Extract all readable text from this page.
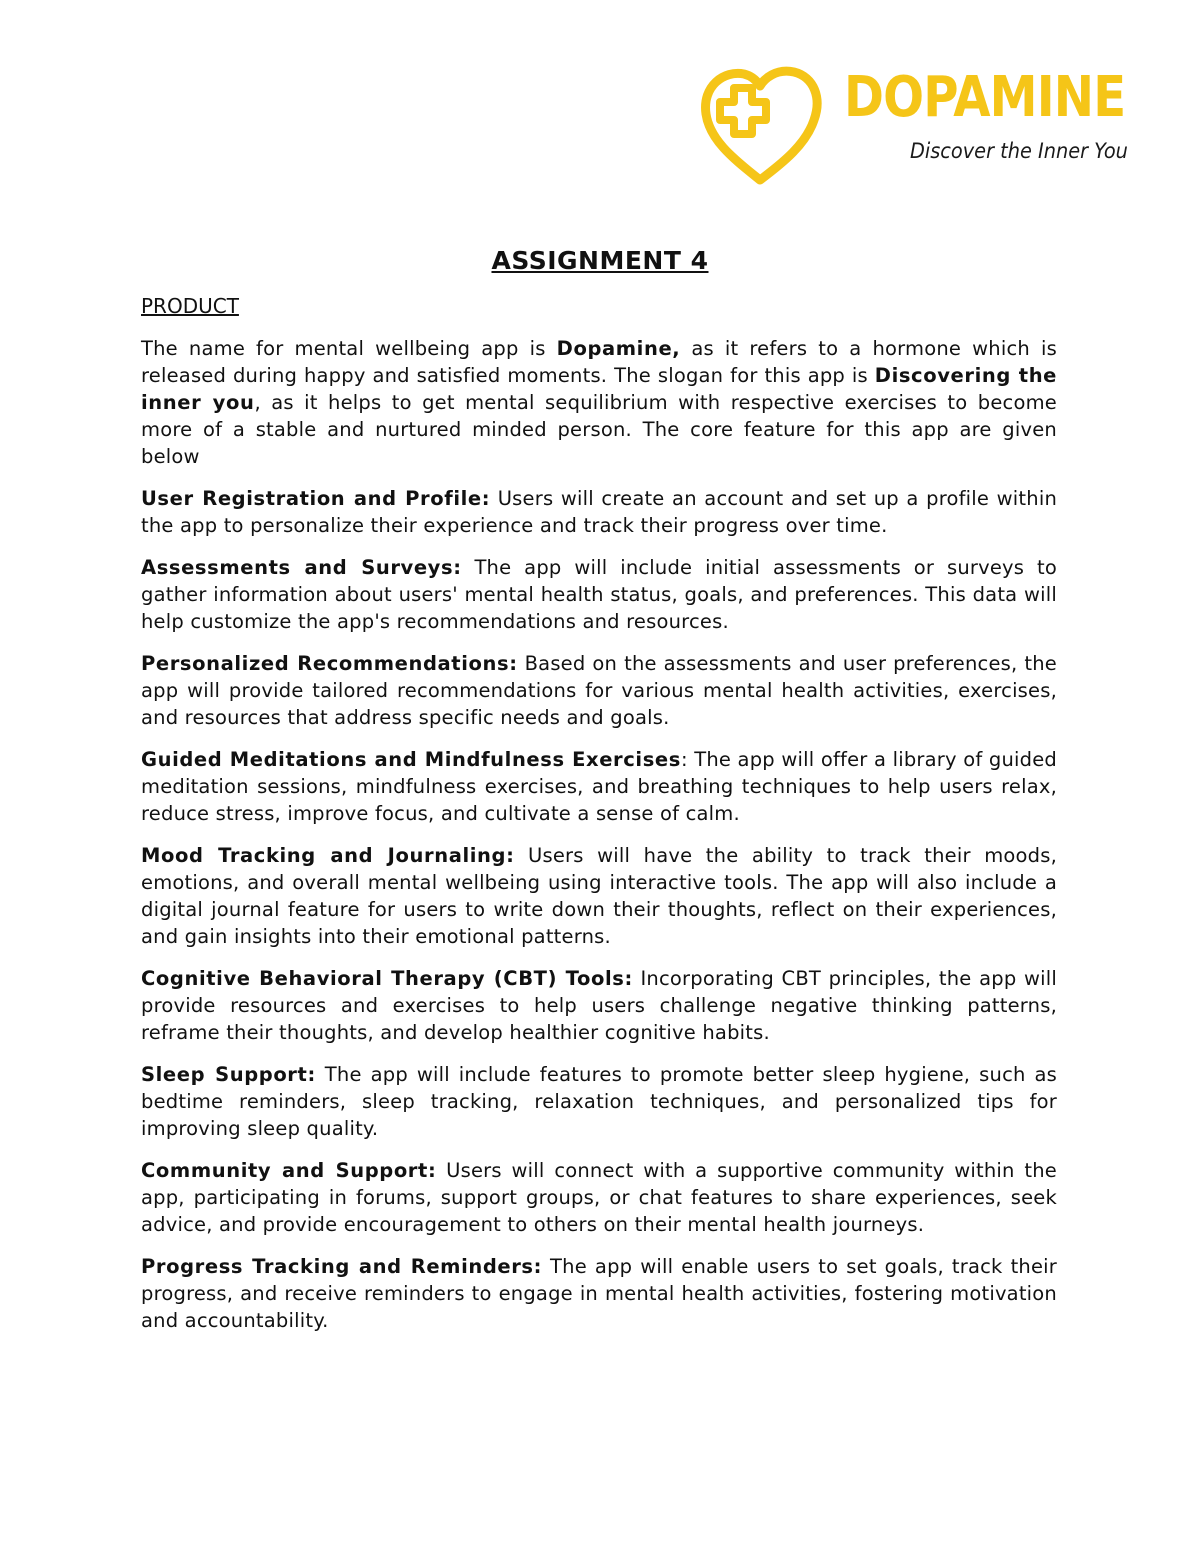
DOPAMINE
Discover the Inner You
ASSIGNMENT 4
PRODUCT

The name for mental wellbeing app is Dopamine, as it refers to a hormone which is released during happy and satisfied moments. The slogan for this app is Discovering the inner you, as it helps to get mental sequilibrium with respective exercises to become more of a stable and nurtured minded person. The core feature for this app are given below

User Registration and Profile: Users will create an account and set up a profile within the app to personalize their experience and track their progress over time.

Assessments and Surveys: The app will include initial assessments or surveys to gather information about users' mental health status, goals, and preferences. This data will help customize the app's recommendations and resources.

Personalized Recommendations: Based on the assessments and user preferences, the app will provide tailored recommendations for various mental health activities, exercises, and resources that address specific needs and goals.

Guided Meditations and Mindfulness Exercises: The app will offer a library of guided meditation sessions, mindfulness exercises, and breathing techniques to help users relax, reduce stress, improve focus, and cultivate a sense of calm.

Mood Tracking and Journaling: Users will have the ability to track their moods, emotions, and overall mental wellbeing using interactive tools. The app will also include a digital journal feature for users to write down their thoughts, reflect on their experiences, and gain insights into their emotional patterns.

Cognitive Behavioral Therapy (CBT) Tools: Incorporating CBT principles, the app will provide resources and exercises to help users challenge negative thinking patterns, reframe their thoughts, and develop healthier cognitive habits.

Sleep Support: The app will include features to promote better sleep hygiene, such as bedtime reminders, sleep tracking, relaxation techniques, and personalized tips for improving sleep quality.

Community and Support: Users will connect with a supportive community within the app, participating in forums, support groups, or chat features to share experiences, seek advice, and provide encouragement to others on their mental health journeys.

Progress Tracking and Reminders: The app will enable users to set goals, track their progress, and receive reminders to engage in mental health activities, fostering motivation and accountability.
